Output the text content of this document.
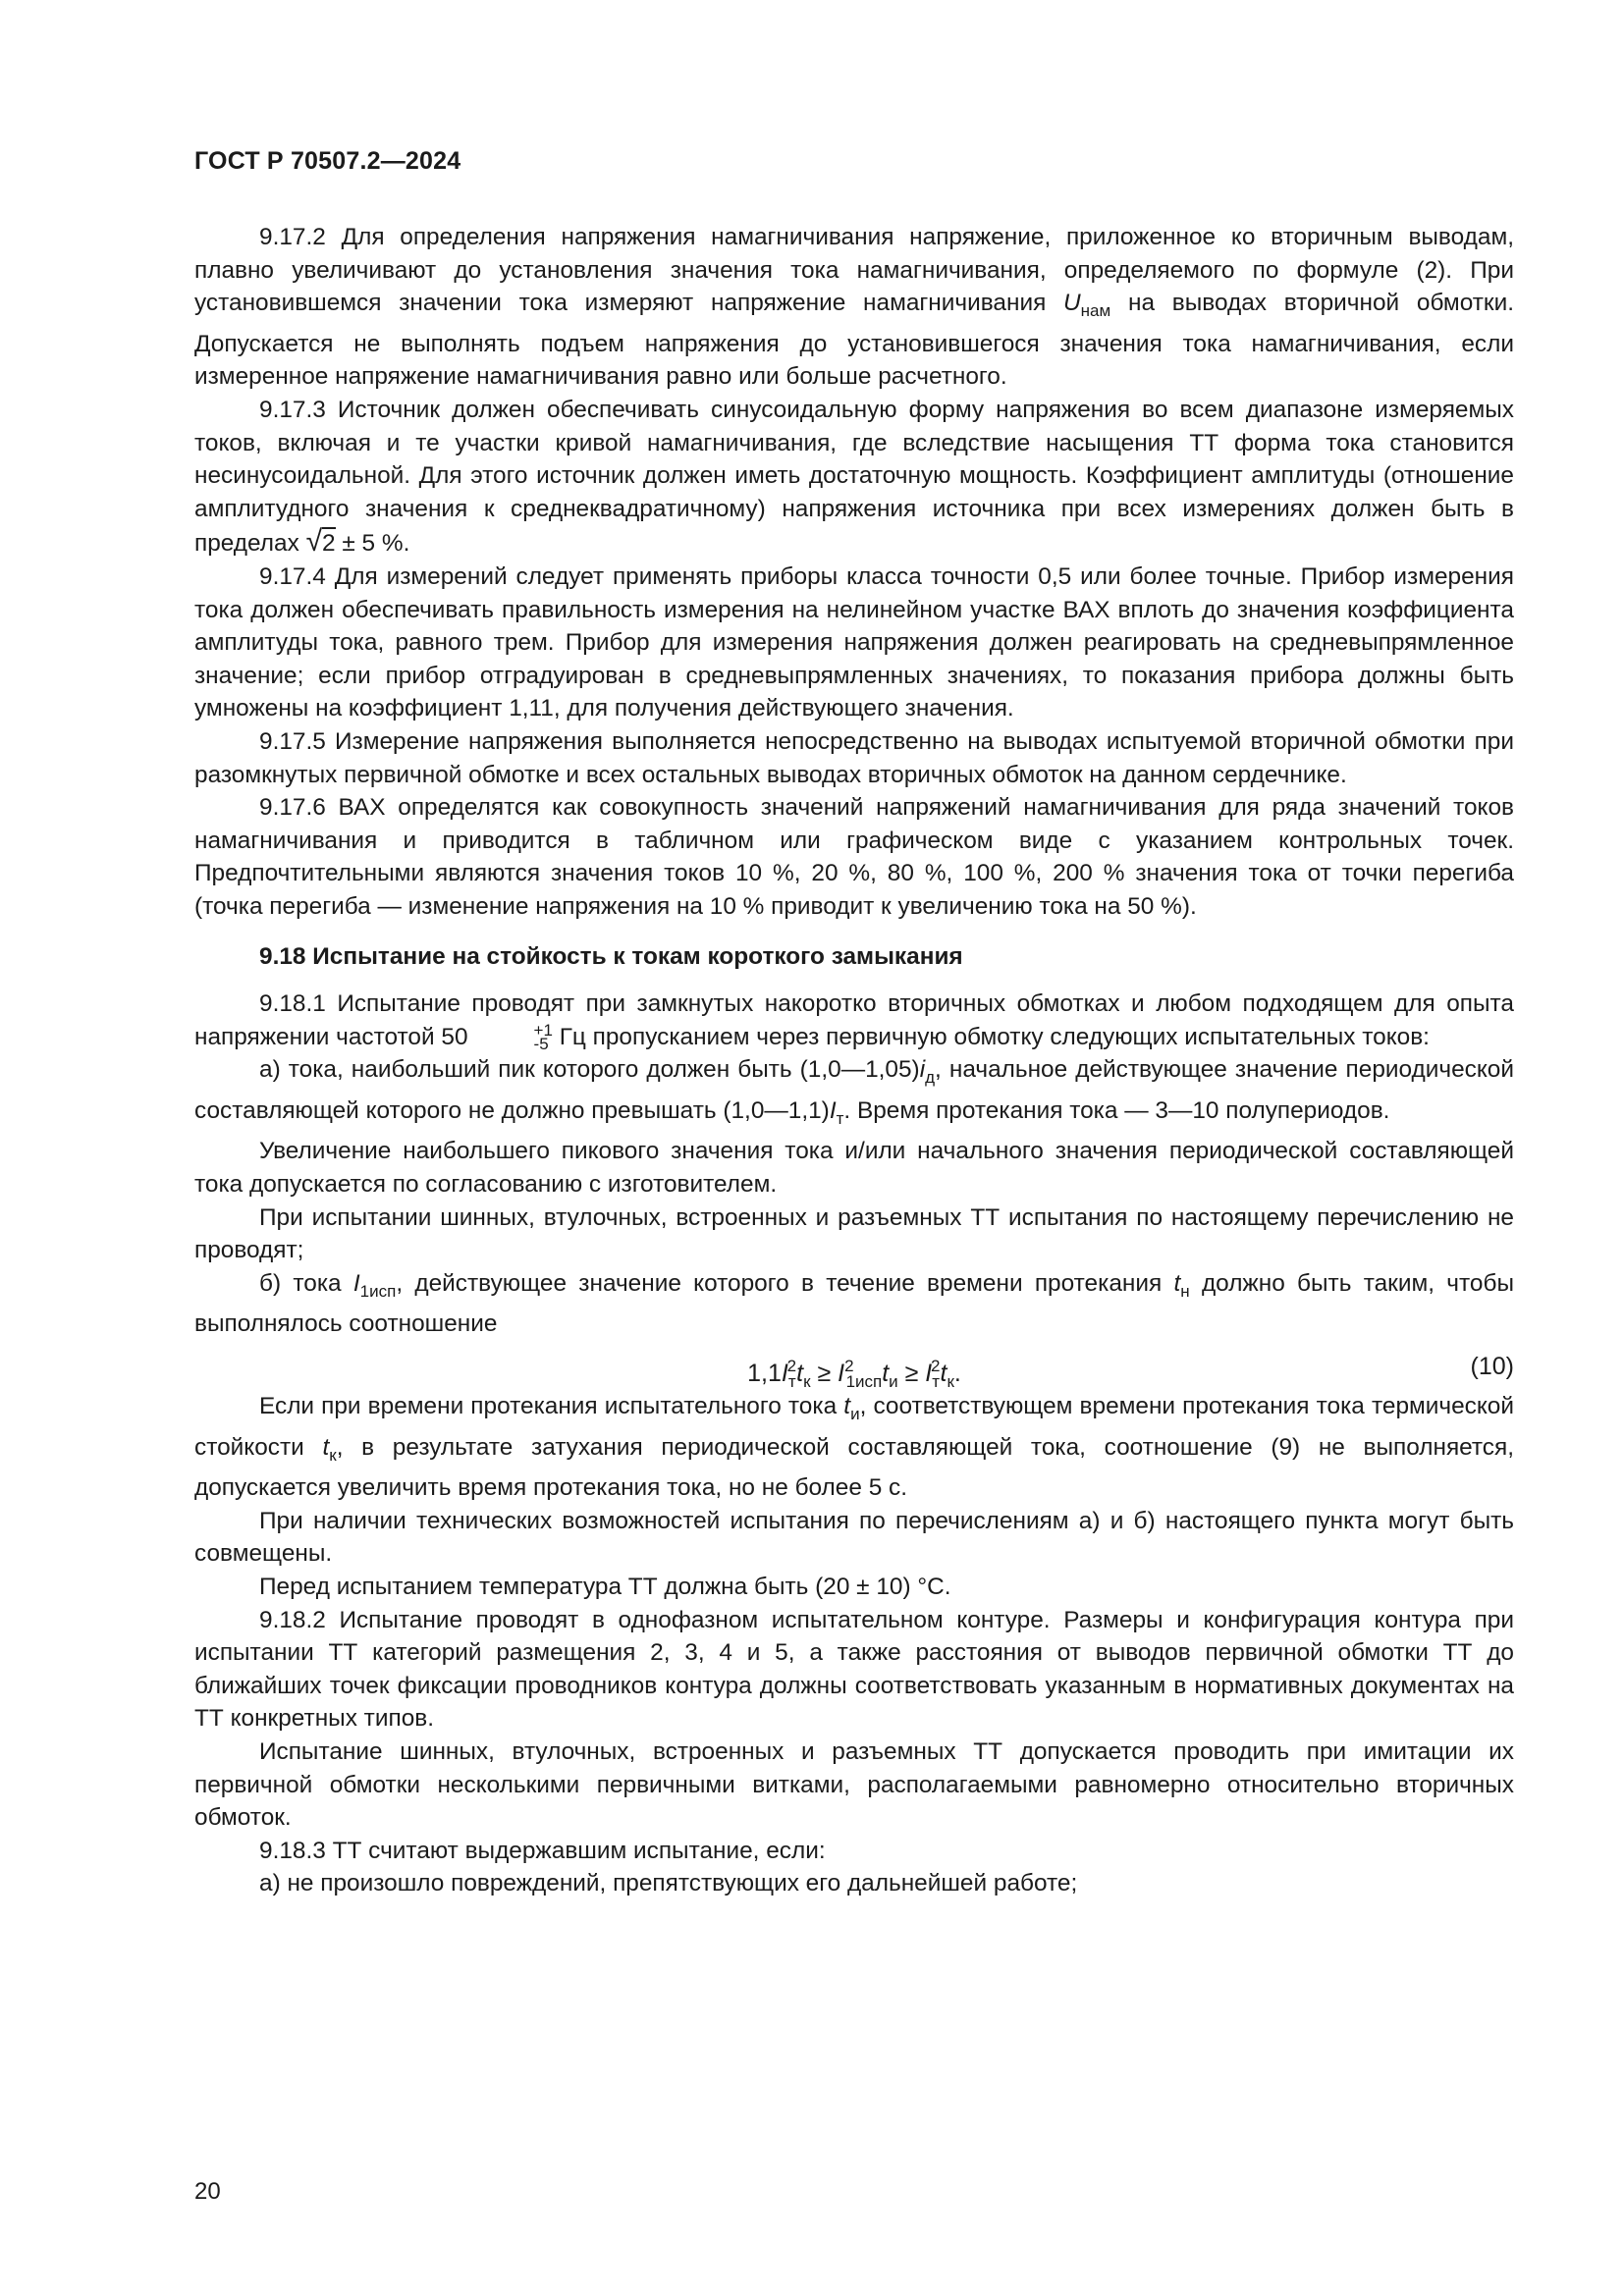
ГОСТ Р 70507.2—2024

9.17.2 Для определения напряжения намагничивания напряжение, приложенное ко вторичным выводам, плавно увеличивают до установления значения тока намагничивания, определяемого по формуле (2). При установившемся значении тока измеряют напряжение намагничивания $U_{нам}$ на выводах вторичной обмотки. Допускается не выполнять подъем напряжения до установившегося значения тока намагничивания, если измеренное напряжение намагничивания равно или больше расчетного.

9.17.3 Источник должен обеспечивать синусоидальную форму напряжения во всем диапазоне измеряемых токов, включая и те участки кривой намагничивания, где вследствие насыщения ТТ форма тока становится несинусоидальной. Для этого источник должен иметь достаточную мощность. Коэффициент амплитуды (отношение амплитудного значения к среднеквадратичному) напряжения источника при всех измерениях должен быть в пределах √2 ± 5 %.

9.17.4 Для измерений следует применять приборы класса точности 0,5 или более точные. Прибор измерения тока должен обеспечивать правильность измерения на нелинейном участке ВАХ вплоть до значения коэффициента амплитуды тока, равного трем. Прибор для измерения напряжения должен реагировать на средневыпрямленное значение; если прибор отградуирован в средневыпрямленных значениях, то показания прибора должны быть умножены на коэффициент 1,11, для получения действующего значения.

9.17.5 Измерение напряжения выполняется непосредственно на выводах испытуемой вторичной обмотки при разомкнутых первичной обмотке и всех остальных выводах вторичных обмоток на данном сердечнике.

9.17.6 ВАХ определятся как совокупность значений напряжений намагничивания для ряда значений токов намагничивания и приводится в табличном или графическом виде с указанием контрольных точек. Предпочтительными являются значения токов 10 %, 20 %, 80 %, 100 %, 200 % значения тока от точки перегиба (точка перегиба — изменение напряжения на 10 % приводит к увеличению тока на 50 %).

9.18 Испытание на стойкость к токам короткого замыкания

9.18.1 Испытание проводят при замкнутых накоротко вторичных обмотках и любом подходящем для опыта напряжении частотой 50	+1
-5 Гц пропусканием через первичную обмотку следующих испытательных токов:

а) тока, наибольший пик которого должен быть $(1,0—1,05)i_д$, начальное действующее значение периодической составляющей которого не должно превышать $(1,0—1,1)I_т$. Время протекания тока — 3—10 полупериодов.

Увеличение наибольшего пикового значения тока и/или начального значения периодической составляющей тока допускается по согласованию с изготовителем.

При испытании шинных, втулочных, встроенных и разъемных ТТ испытания по настоящему перечислению не проводят;

б) тока $I_{1исп}$, действующее значение которого в течение времени протекания $t_н$ должно быть таким, чтобы выполнялось соотношение

$1,1I_т^2t_к \ge I^2_{1исп}t_и \ge I_т^2t_к$.	(10)

Если при времени протекания испытательного тока $t_и$, соответствующем времени протекания тока термической стойкости $t_к$, в результате затухания периодической составляющей тока, соотношение (9) не выполняется, допускается увеличить время протекания тока, но не более 5 с.

При наличии технических возможностей испытания по перечислениям а) и б) настоящего пункта могут быть совмещены.

Перед испытанием температура ТТ должна быть (20 ± 10) °С.

9.18.2 Испытание проводят в однофазном испытательном контуре. Размеры и конфигурация контура при испытании ТТ категорий размещения 2, 3, 4 и 5, а также расстояния от выводов первичной обмотки ТТ до ближайших точек фиксации проводников контура должны соответствовать указанным в нормативных документах на ТТ конкретных типов.

Испытание шинных, втулочных, встроенных и разъемных ТТ допускается проводить при имитации их первичной обмотки несколькими первичными витками, располагаемыми равномерно относительно вторичных обмоток.

9.18.3 ТТ считают выдержавшим испытание, если:

а) не произошло повреждений, препятствующих его дальнейшей работе;

20
